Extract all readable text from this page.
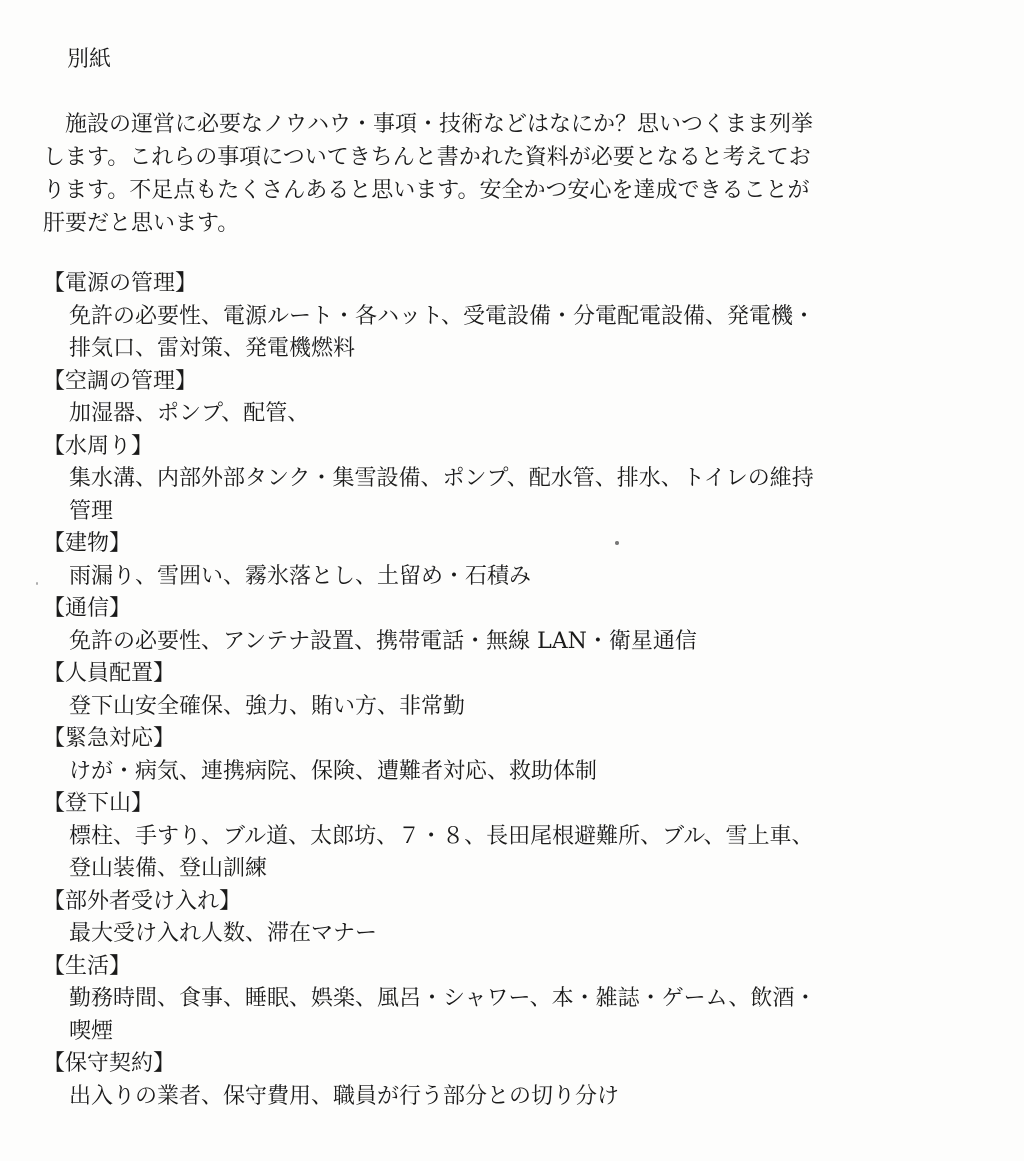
別紙
　施設の運営に必要なノウハウ・事項・技術などはなにか？思いつくまま列挙
します。これらの事項についてきちんと書かれた資料が必要となると考えてお
ります。不足点もたくさんあると思います。安全かつ安心を達成できることが
肝要だと思います。
【電源の管理】
免許の必要性、電源ルート・各ハット、受電設備・分電配電設備、発電機・
排気口、雷対策、発電機燃料
【空調の管理】
加湿器、ポンプ、配管、
【水周り】
集水溝、内部外部タンク・集雪設備、ポンプ、配水管、排水、トイレの維持
管理
【建物】
雨漏り、雪囲い、霧氷落とし、土留め・石積み
【通信】
免許の必要性、アンテナ設置、携帯電話・無線 LAN・衛星通信
【人員配置】
登下山安全確保、強力、賄い方、非常勤
【緊急対応】
けが・病気、連携病院、保険、遭難者対応、救助体制
【登下山】
標柱、手すり、ブル道、太郎坊、７・８、長田尾根避難所、ブル、雪上車、
登山装備、登山訓練
【部外者受け入れ】
最大受け入れ人数、滞在マナー
【生活】
勤務時間、食事、睡眠、娯楽、風呂・シャワー、本・雑誌・ゲーム、飲酒・
喫煙
【保守契約】
出入りの業者、保守費用、職員が行う部分との切り分け
